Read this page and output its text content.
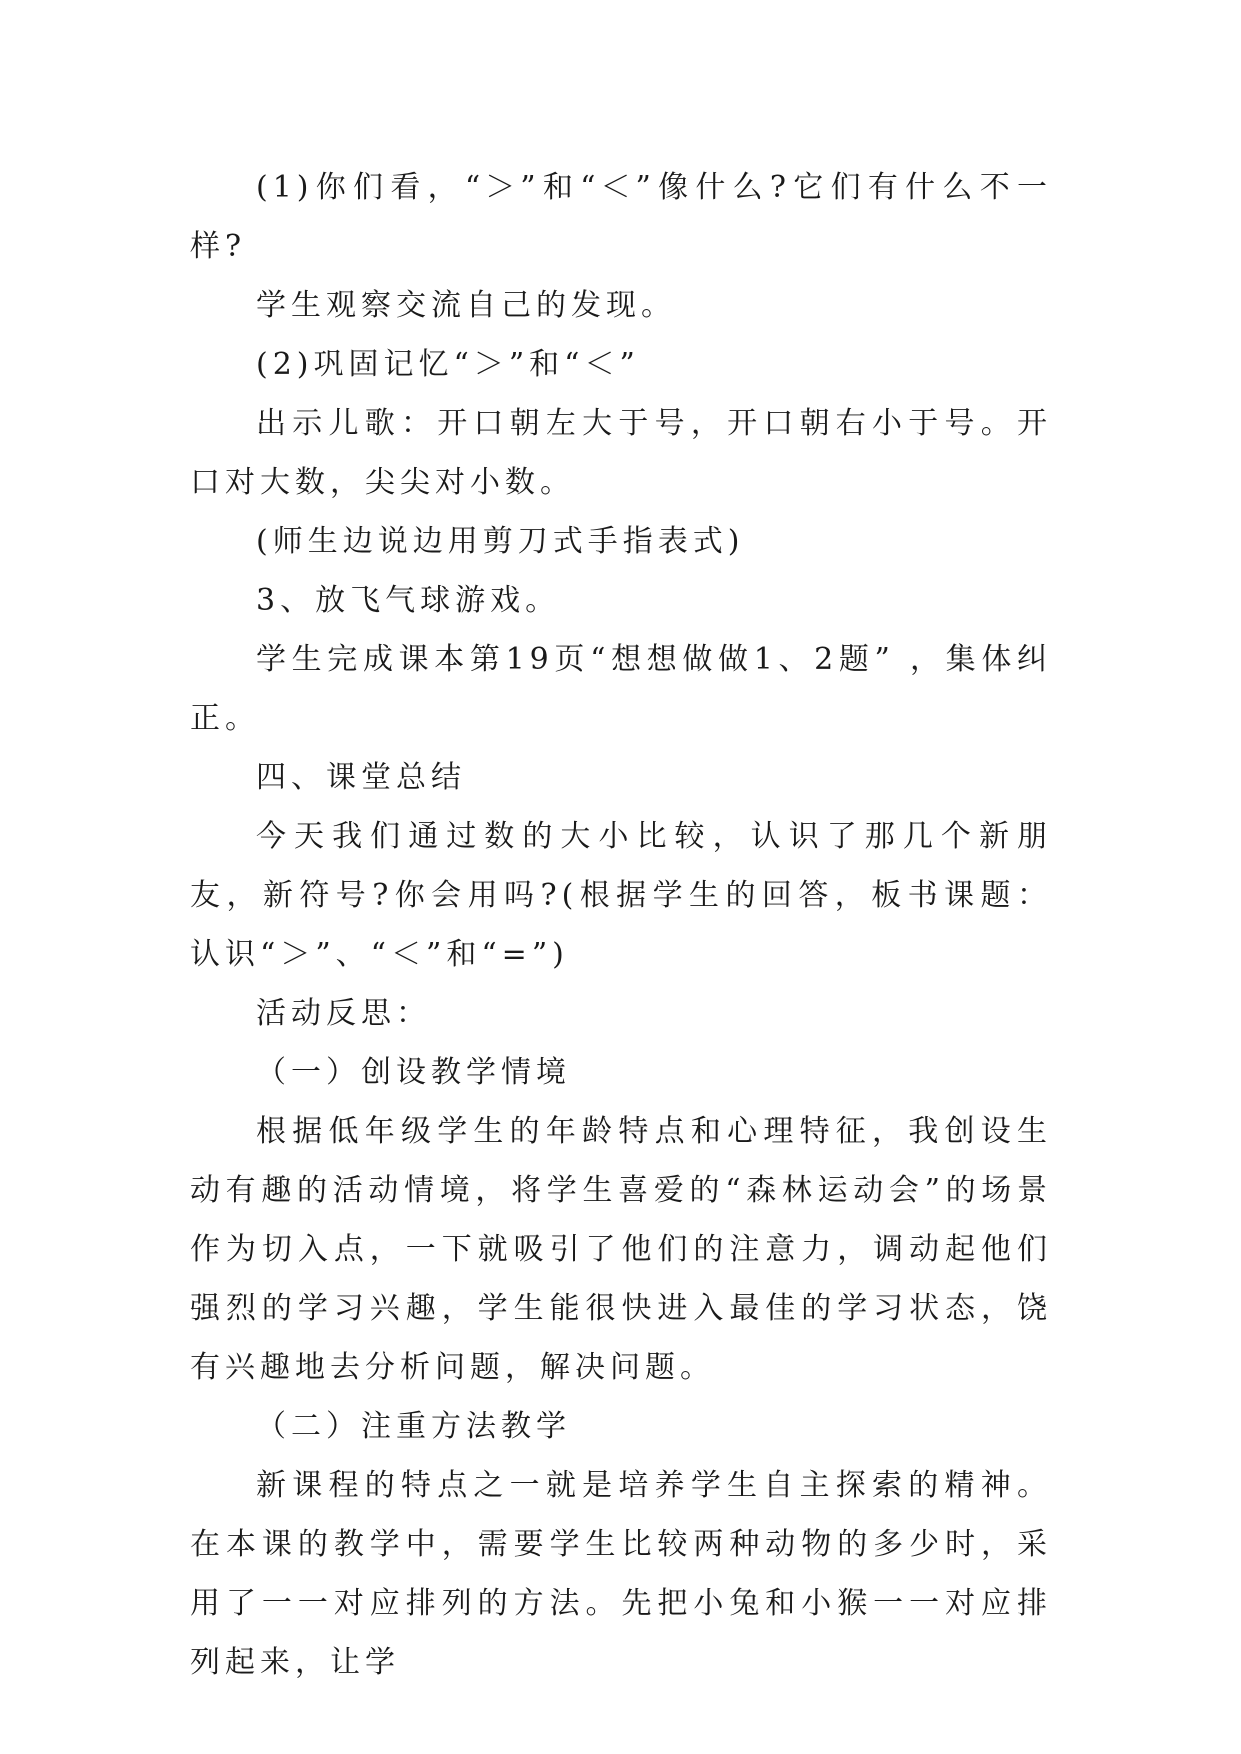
(1)你们看，“＞”和“＜”像什么?它们有什么不一样?

学生观察交流自己的发现。

(2)巩固记忆“＞”和“＜”

出示儿歌：开口朝左大于号，开口朝右小于号。开口对大数，尖尖对小数。

(师生边说边用剪刀式手指表式)

3、放飞气球游戏。

学生完成课本第19页“想想做做1、2题” ，集体纠正。

四、课堂总结

今天我们通过数的大小比较，认识了那几个新朋友，新符号?你会用吗?(根据学生的回答，板书课题：认识“＞”、“＜”和“=”)

活动反思：

（一）创设教学情境

根据低年级学生的年龄特点和心理特征，我创设生动有趣的活动情境，将学生喜爱的“森林运动会”的场景作为切入点，一下就吸引了他们的注意力，调动起他们强烈的学习兴趣，学生能很快进入最佳的学习状态，饶有兴趣地去分析问题，解决问题。

（二）注重方法教学

新课程的特点之一就是培养学生自主探索的精神。在本课的教学中，需要学生比较两种动物的多少时，采用了一一对应排列的方法。先把小兔和小猴一一对应排列起来，让学
